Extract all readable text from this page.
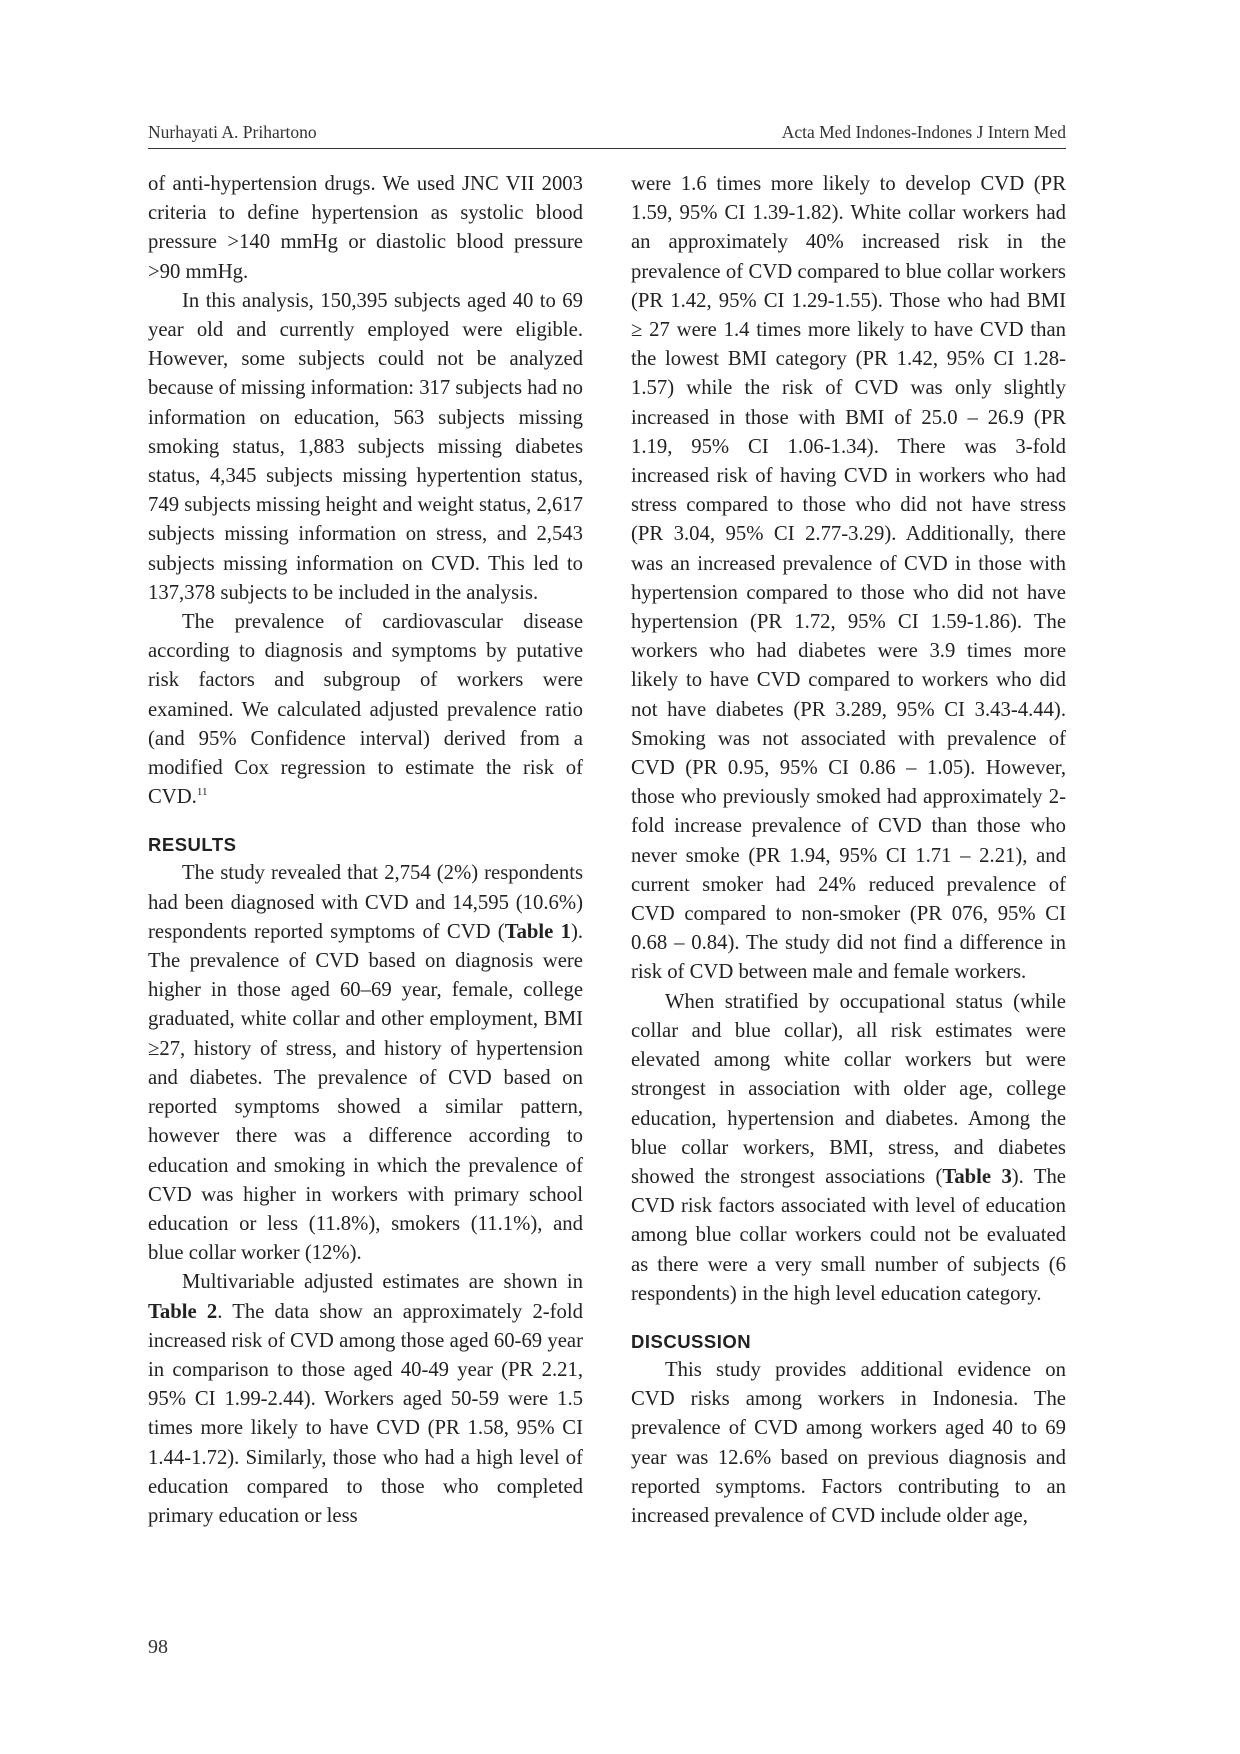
Nurhayati A. Prihartono	Acta Med Indones-Indones J Intern Med

of anti-hypertension drugs. We used JNC VII 2003 criteria to define hypertension as systolic blood pressure >140 mmHg or diastolic blood pressure >90 mmHg.

In this analysis, 150,395 subjects aged 40 to 69 year old and currently employed were eligible. However, some subjects could not be analyzed because of missing information: 317 subjects had no information on education, 563 subjects missing smoking status, 1,883 subjects missing diabetes status, 4,345 subjects missing hypertention status, 749 subjects missing height and weight status, 2,617 subjects missing information on stress, and 2,543 subjects missing information on CVD. This led to 137,378 subjects to be included in the analysis.

The prevalence of cardiovascular disease according to diagnosis and symptoms by putative risk factors and subgroup of workers were examined. We calculated adjusted prevalence ratio (and 95% Confidence interval) derived from a modified Cox regression to estimate the risk of CVD.$^{11}$

RESULTS

The study revealed that 2,754 (2%) respondents had been diagnosed with CVD and 14,595 (10.6%) respondents reported symptoms of CVD (Table 1). The prevalence of CVD based on diagnosis were higher in those aged 60–69 year, female, college graduated, white collar and other employment, BMI ≥27, history of stress, and history of hypertension and diabetes. The prevalence of CVD based on reported symptoms showed a similar pattern, however there was a difference according to education and smoking in which the prevalence of CVD was higher in workers with primary school education or less (11.8%), smokers (11.1%), and blue collar worker (12%).

Multivariable adjusted estimates are shown in Table 2. The data show an approximately 2-fold increased risk of CVD among those aged 60-69 year in comparison to those aged 40-49 year (PR 2.21, 95% CI 1.99-2.44). Workers aged 50-59 were 1.5 times more likely to have CVD (PR 1.58, 95% CI 1.44-1.72). Similarly, those who had a high level of education compared to those who completed primary education or less

were 1.6 times more likely to develop CVD (PR 1.59, 95% CI 1.39-1.82). White collar workers had an approximately 40% increased risk in the prevalence of CVD compared to blue collar workers (PR 1.42, 95% CI 1.29-1.55). Those who had BMI ≥ 27 were 1.4 times more likely to have CVD than the lowest BMI category (PR 1.42, 95% CI 1.28-1.57) while the risk of CVD was only slightly increased in those with BMI of 25.0 – 26.9 (PR 1.19, 95% CI 1.06-1.34). There was 3-fold increased risk of having CVD in workers who had stress compared to those who did not have stress (PR 3.04, 95% CI 2.77-3.29). Additionally, there was an increased prevalence of CVD in those with hypertension compared to those who did not have hypertension (PR 1.72, 95% CI 1.59-1.86). The workers who had diabetes were 3.9 times more likely to have CVD compared to workers who did not have diabetes (PR 3.289, 95% CI 3.43-4.44). Smoking was not associated with prevalence of CVD (PR 0.95, 95% CI 0.86 – 1.05). However, those who previously smoked had approximately 2-fold increase prevalence of CVD than those who never smoke (PR 1.94, 95% CI 1.71 – 2.21), and current smoker had 24% reduced prevalence of CVD compared to non-smoker (PR 076, 95% CI 0.68 – 0.84). The study did not find a difference in risk of CVD between male and female workers.

When stratified by occupational status (while collar and blue collar), all risk estimates were elevated among white collar workers but were strongest in association with older age, college education, hypertension and diabetes. Among the blue collar workers, BMI, stress, and diabetes showed the strongest associations (Table 3). The CVD risk factors associated with level of education among blue collar workers could not be evaluated as there were a very small number of subjects (6 respondents) in the high level education category.

DISCUSSION

This study provides additional evidence on CVD risks among workers in Indonesia. The prevalence of CVD among workers aged 40 to 69 year was 12.6% based on previous diagnosis and reported symptoms. Factors contributing to an increased prevalence of CVD include older age,

98
